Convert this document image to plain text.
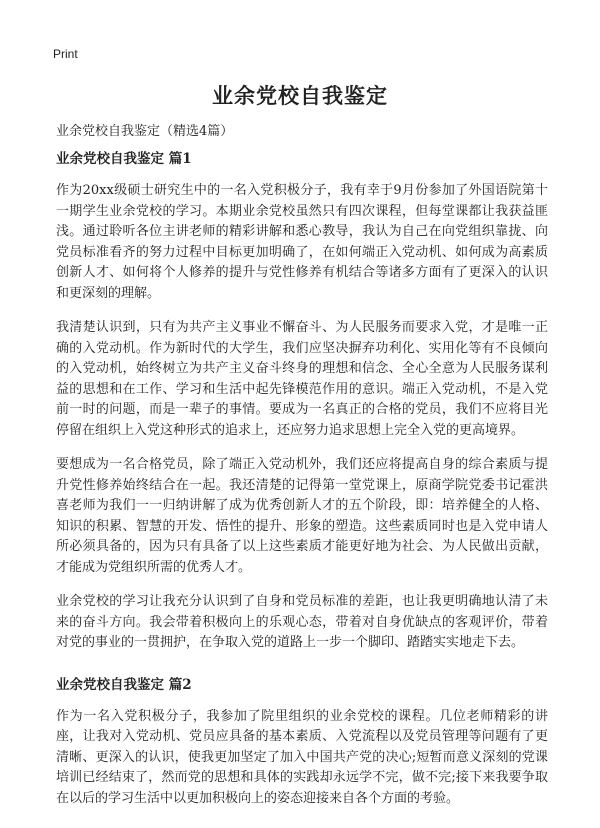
Print
业余党校自我鉴定

业余党校自我鉴定（精选4篇）

业余党校自我鉴定 篇1

作为20xx级硕士研究生中的一名入党积极分子，我有幸于9月份参加了外国语院第十一期学生业余党校的学习。本期业余党校虽然只有四次课程，但每堂课都让我获益匪浅。通过聆听各位主讲老师的精彩讲解和悉心教导，我认为自己在向党组织靠拢、向党员标准看齐的努力过程中目标更加明确了，在如何端正入党动机、如何成为高素质创新人才、如何将个人修养的提升与党性修养有机结合等诸多方面有了更深入的认识和更深刻的理解。

我清楚认识到，只有为共产主义事业不懈奋斗、为人民服务而要求入党，才是唯一正确的入党动机。作为新时代的大学生，我们应坚决摒弃功利化、实用化等有不良倾向的入党动机，始终树立为共产主义奋斗终身的理想和信念、全心全意为人民服务谋利益的思想和在工作、学习和生活中起先锋模范作用的意识。端正入党动机，不是入党前一时的问题，而是一辈子的事情。要成为一名真正的合格的党员，我们不应将目光停留在组织上入党这种形式的追求上，还应努力追求思想上完全入党的更高境界。

要想成为一名合格党员，除了端正入党动机外，我们还应将提高自身的综合素质与提升党性修养始终结合在一起。我还清楚的记得第一堂党课上，原商学院党委书记霍洪喜老师为我们一一归纳讲解了成为优秀创新人才的五个阶段，即：培养健全的人格、知识的积累、智慧的开发、悟性的提升、形象的塑造。这些素质同时也是入党申请人所必须具备的，因为只有具备了以上这些素质才能更好地为社会、为人民做出贡献，才能成为党组织所需的优秀人才。

业余党校的学习让我充分认识到了自身和党员标准的差距，也让我更明确地认清了未来的奋斗方向。我会带着积极向上的乐观心态，带着对自身优缺点的客观评价，带着对党的事业的一贯拥护，在争取入党的道路上一步一个脚印、踏踏实实地走下去。

业余党校自我鉴定 篇2

作为一名入党积极分子，我参加了院里组织的业余党校的课程。几位老师精彩的讲座，让我对入党动机、党员应具备的基本素质、入党流程以及党员管理等问题有了更清晰、更深入的认识，使我更加坚定了加入中国共产党的决心;短暂而意义深刻的党课培训已经结束了，然而党的思想和具体的实践却永远学不完，做不完;接下来我要争取在以后的学习生活中以更加积极向上的姿态迎接来自各个方面的考验。
